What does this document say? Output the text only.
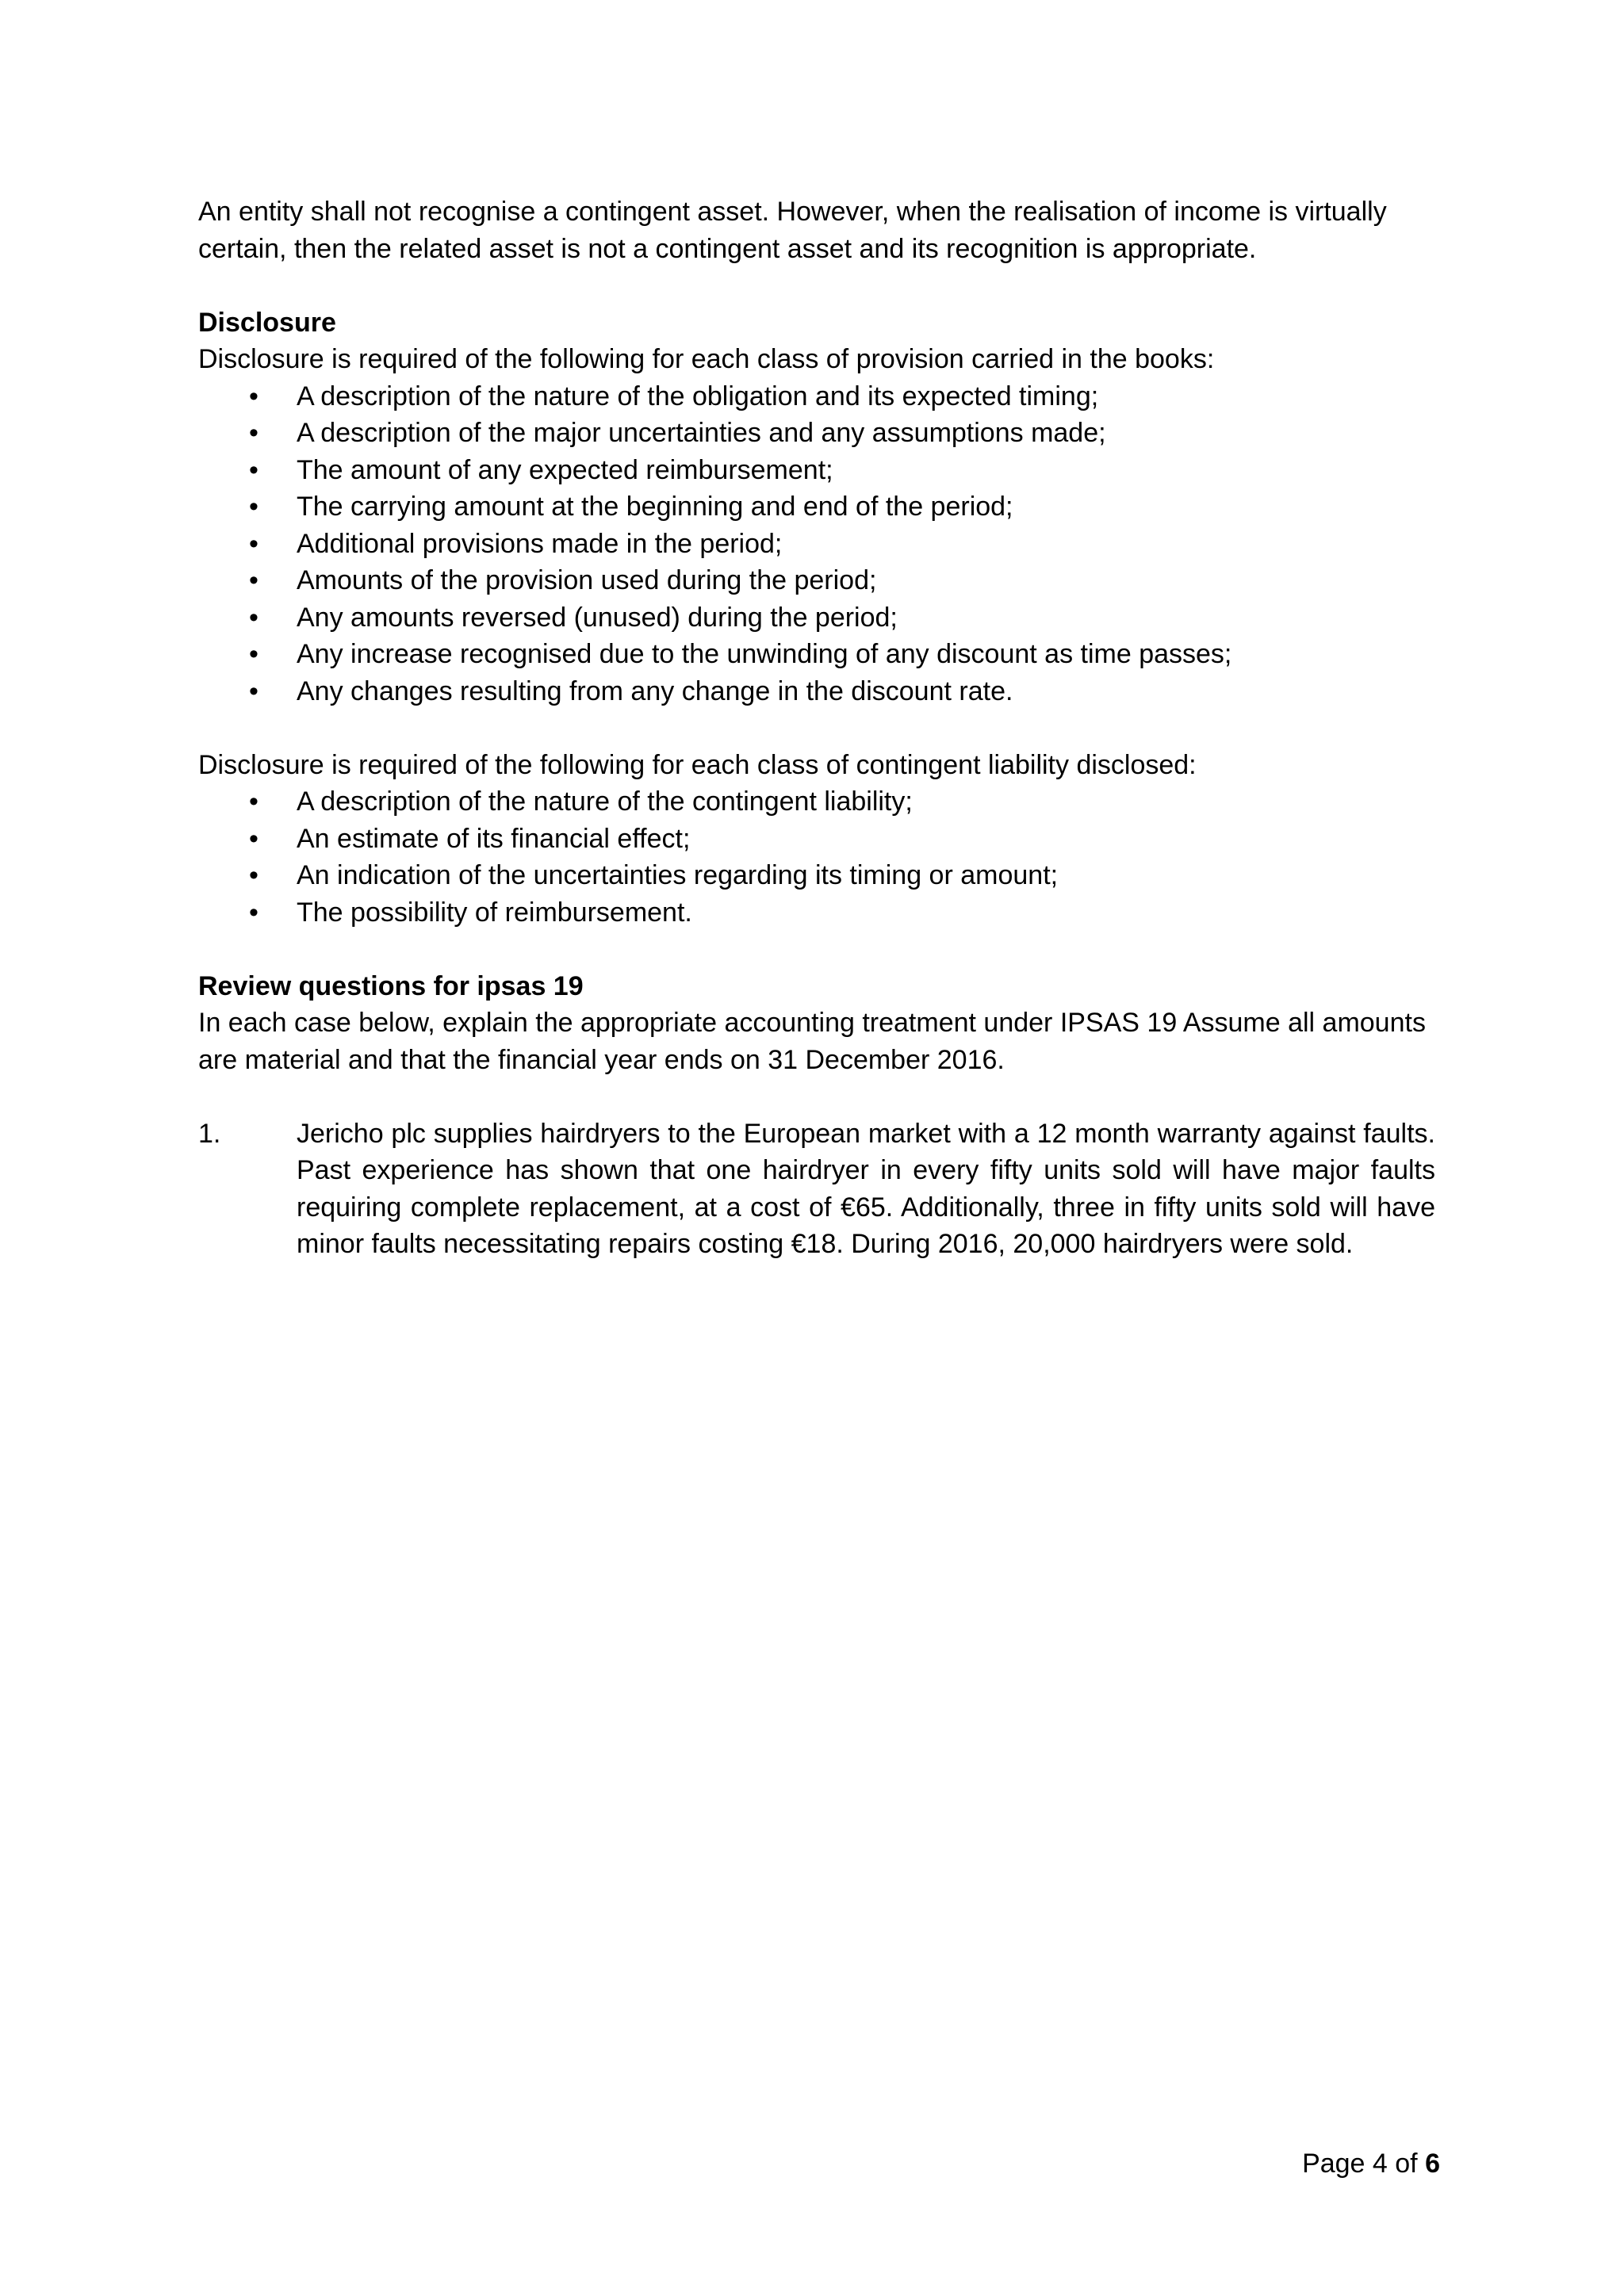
An entity shall not recognise a contingent asset. However, when the realisation of income is virtually certain, then the related asset is not a contingent asset and its recognition is appropriate.

Disclosure

Disclosure is required of the following for each class of provision carried in the books:

• A description of the nature of the obligation and its expected timing;
• A description of the major uncertainties and any assumptions made;
• The amount of any expected reimbursement;
• The carrying amount at the beginning and end of the period;
• Additional provisions made in the period;
• Amounts of the provision used during the period;
• Any amounts reversed (unused) during the period;
• Any increase recognised due to the unwinding of any discount as time passes;
• Any changes resulting from any change in the discount rate.

Disclosure is required of the following for each class of contingent liability disclosed:

• A description of the nature of the contingent liability;
• An estimate of its financial effect;
• An indication of the uncertainties regarding its timing or amount;
• The possibility of reimbursement.

Review questions for ipsas 19

In each case below, explain the appropriate accounting treatment under IPSAS 19 Assume all amounts are material and that the financial year ends on 31 December 2016.

1.	Jericho plc supplies hairdryers to the European market with a 12 month warranty against faults. Past experience has shown that one hairdryer in every fifty units sold will have major faults requiring complete replacement, at a cost of €65. Additionally, three in fifty units sold will have minor faults necessitating repairs costing €18. During 2016, 20,000 hairdryers were sold.
Page 4 of 6
